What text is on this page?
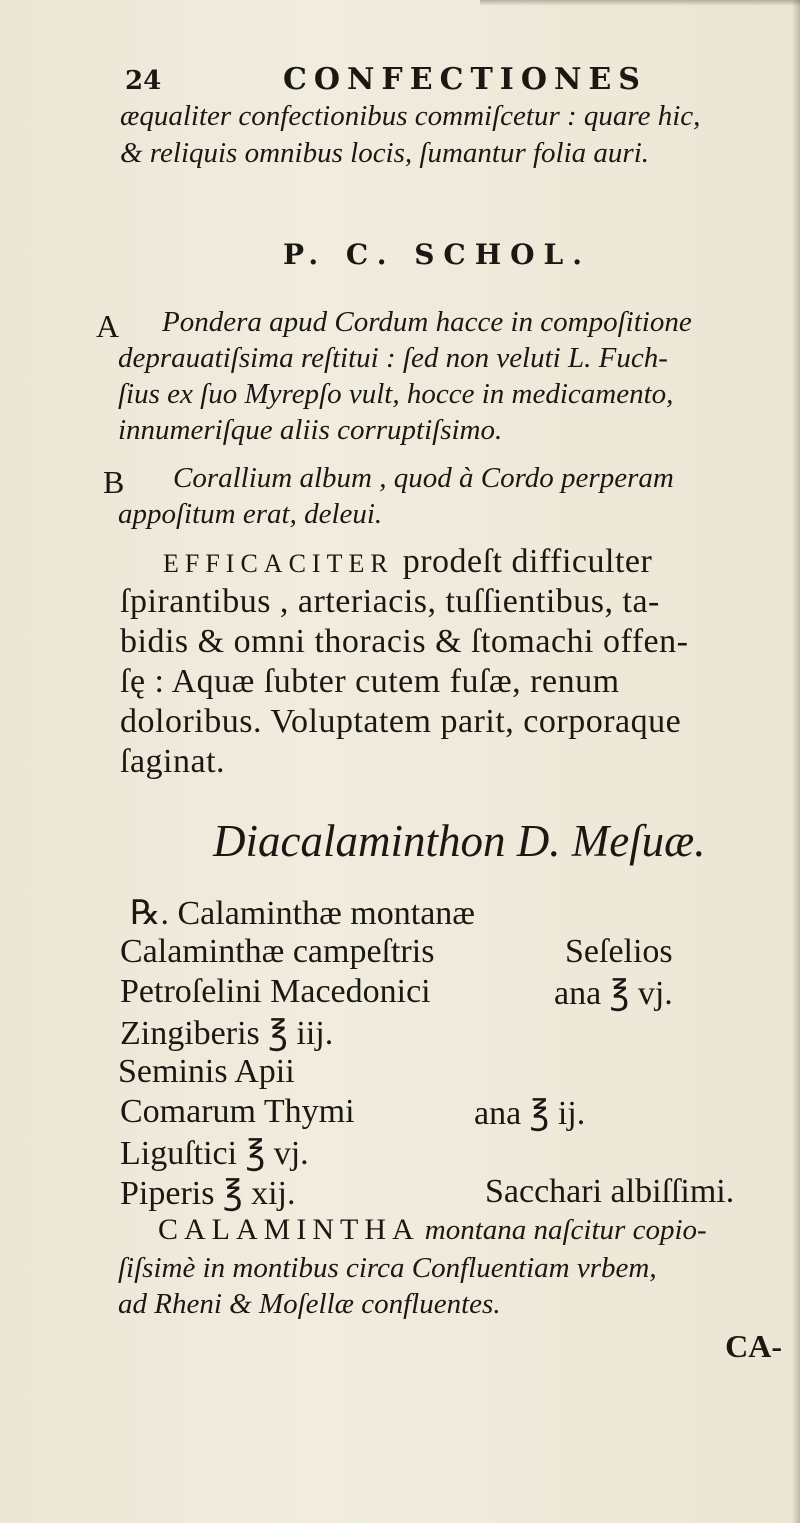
24	CONFECTIONES
æqualiter confectionibus commiſcetur : quare hic,
& reliquis omnibus locis, ſumantur folia auri.
P. C. SCHOL.
A Pondera apud Cordum hacce in compoſitione
deprauatiſsima reſtitui : ſed non veluti L. Fuch-
ſius ex ſuo Myrepſo vult, hocce in medicamento,
innumeriſque aliis corruptiſsimo.
B Corallium album , quod à Cordo perperam
appoſitum erat, deleui.
EFFICACITER prodeſt difficulter
ſpirantibus , arteriacis, tuſſientibus, ta-
bidis & omni thoracis & ſtomachi offen-
ſę : Aquæ ſubter cutem fuſæ, renum
doloribus. Voluptatem parit, corporaque
ſaginat.
Diacalaminthon D. Meſuæ.
℞. Calaminthæ montanæ
Calaminthæ campeſtris	Seſelios
Petroſelini Macedonici	ana ℥ vj.
Zingiberis ℥ iij.
Seminis Apii
Comarum Thymi	ana ℥ ij.
Liguſtici ℥ vj.
Piperis ℥ xij.	Sacchari albiſſimi.
CALAMINTHA montana naſcitur copio-
ſiſsimè in montibus circa Confluentiam vrbem,
ad Rheni & Moſellæ confluentes.
CA-
